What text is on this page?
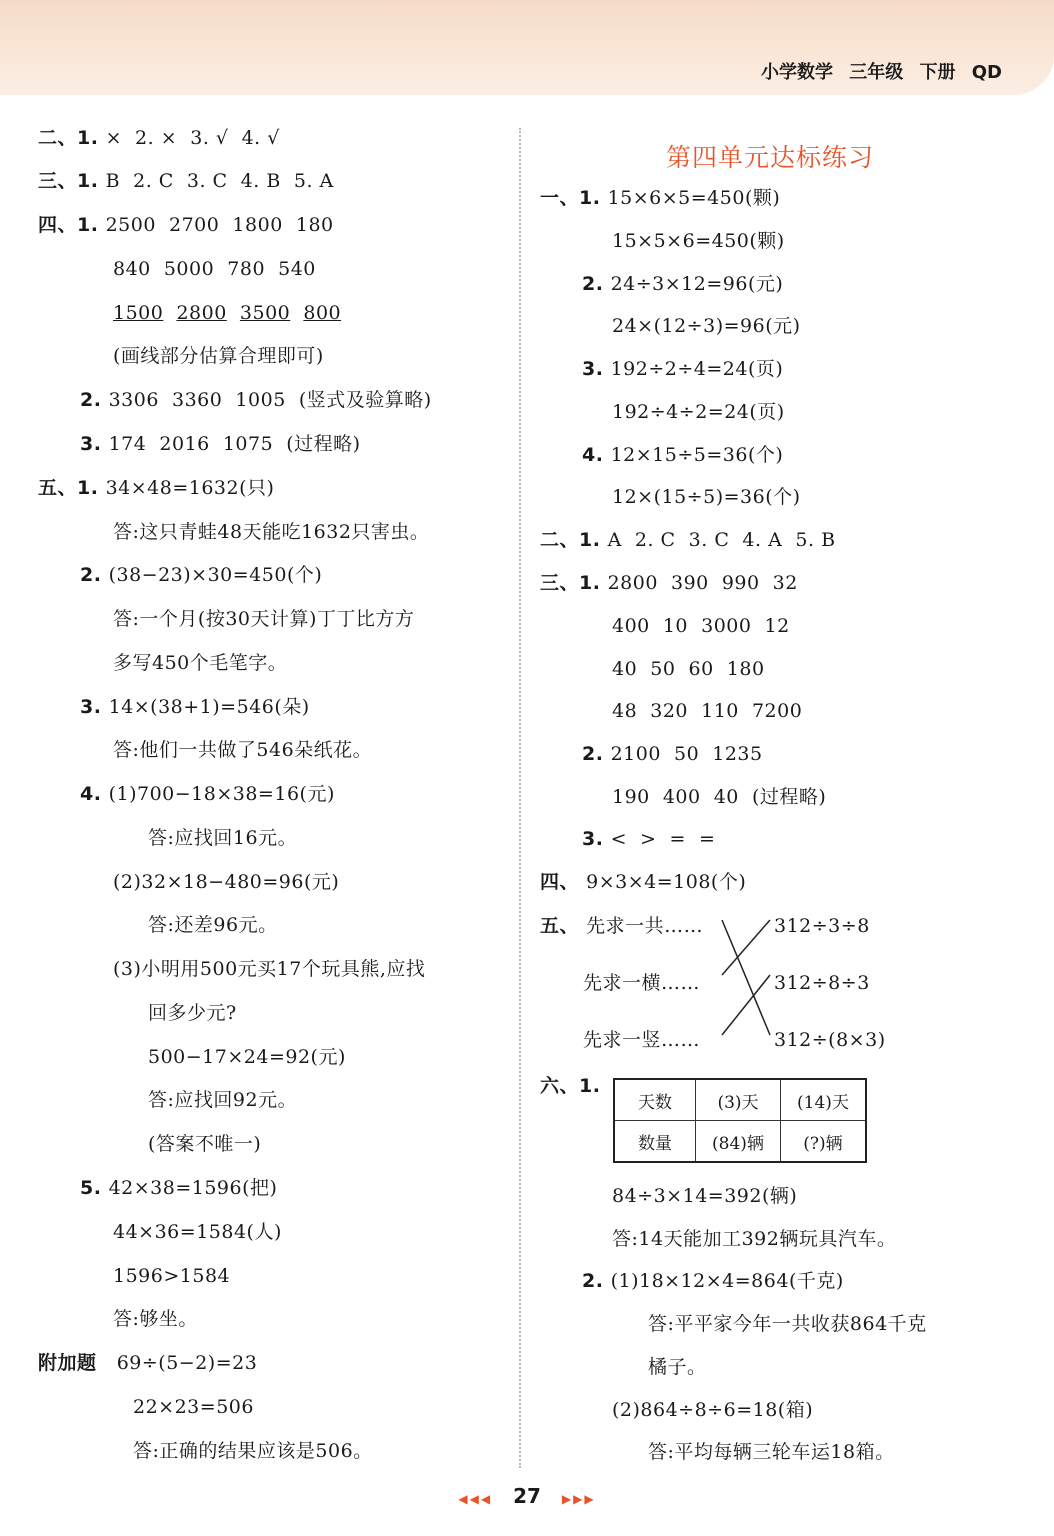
小学数学 三年级 下册 QD
第四单元达标练习
二、1. ×  2. ×  3. √  4. √
三、1. B  2. C  3. C  4. B  5. A
四、1. 2500  2700  1800  180
840  5000  780  540
1500 2800 3500 800
(画线部分估算合理即可)
2. 3306  3360  1005  (竖式及验算略)
3. 174  2016  1075  (过程略)
五、1. 34×48=1632(只)
答:这只青蛙48天能吃1632只害虫。
2. (38−23)×30=450(个)
答:一个月(按30天计算)丁丁比方方
多写450个毛笔字。
3. 14×(38+1)=546(朵)
答:他们一共做了546朵纸花。
4. (1)700−18×38=16(元)
答:应找回16元。
(2)32×18−480=96(元)
答:还差96元。
(3)小明用500元买17个玩具熊,应找
回多少元?
500−17×24=92(元)
答:应找回92元。
(答案不唯一)
5. 42×38=1596(把)
44×36=1584(人)
1596>1584
答:够坐。
附加题   69÷(5−2)=23
22×23=506
答:正确的结果应该是506。
一、1. 15×6×5=450(颗)
15×5×6=450(颗)
2. 24÷3×12=96(元)
24×(12÷3)=96(元)
3. 192÷2÷4=24(页)
192÷4÷2=24(页)
4. 12×15÷5=36(个)
12×(15÷5)=36(个)
二、1. A  2. C  3. C  4. A  5. B
三、1. 2800  390  990  32
400  10  3000  12
40  50  60  180
48  320  110  7200
2. 2100  50  1235
190  400  40  (过程略)
3. <  >  =  =
四、 9×3×4=108(个)
五、 先求一共……
先求一横……
先求一竖……
312÷3÷8
312÷8÷3
312÷(8×3)
六、1.
84÷3×14=392(辆)
答:14天能加工392辆玩具汽车。
2. (1)18×12×4=864(千克)
答:平平家今年一共收获864千克
橘子。
(2)864÷8÷6=18(箱)
答:平均每辆三轮车运18箱。
天数	(3)天	(14)天
数量	(84)辆	(?)辆
◀◀◀ 27 ▶▶▶
